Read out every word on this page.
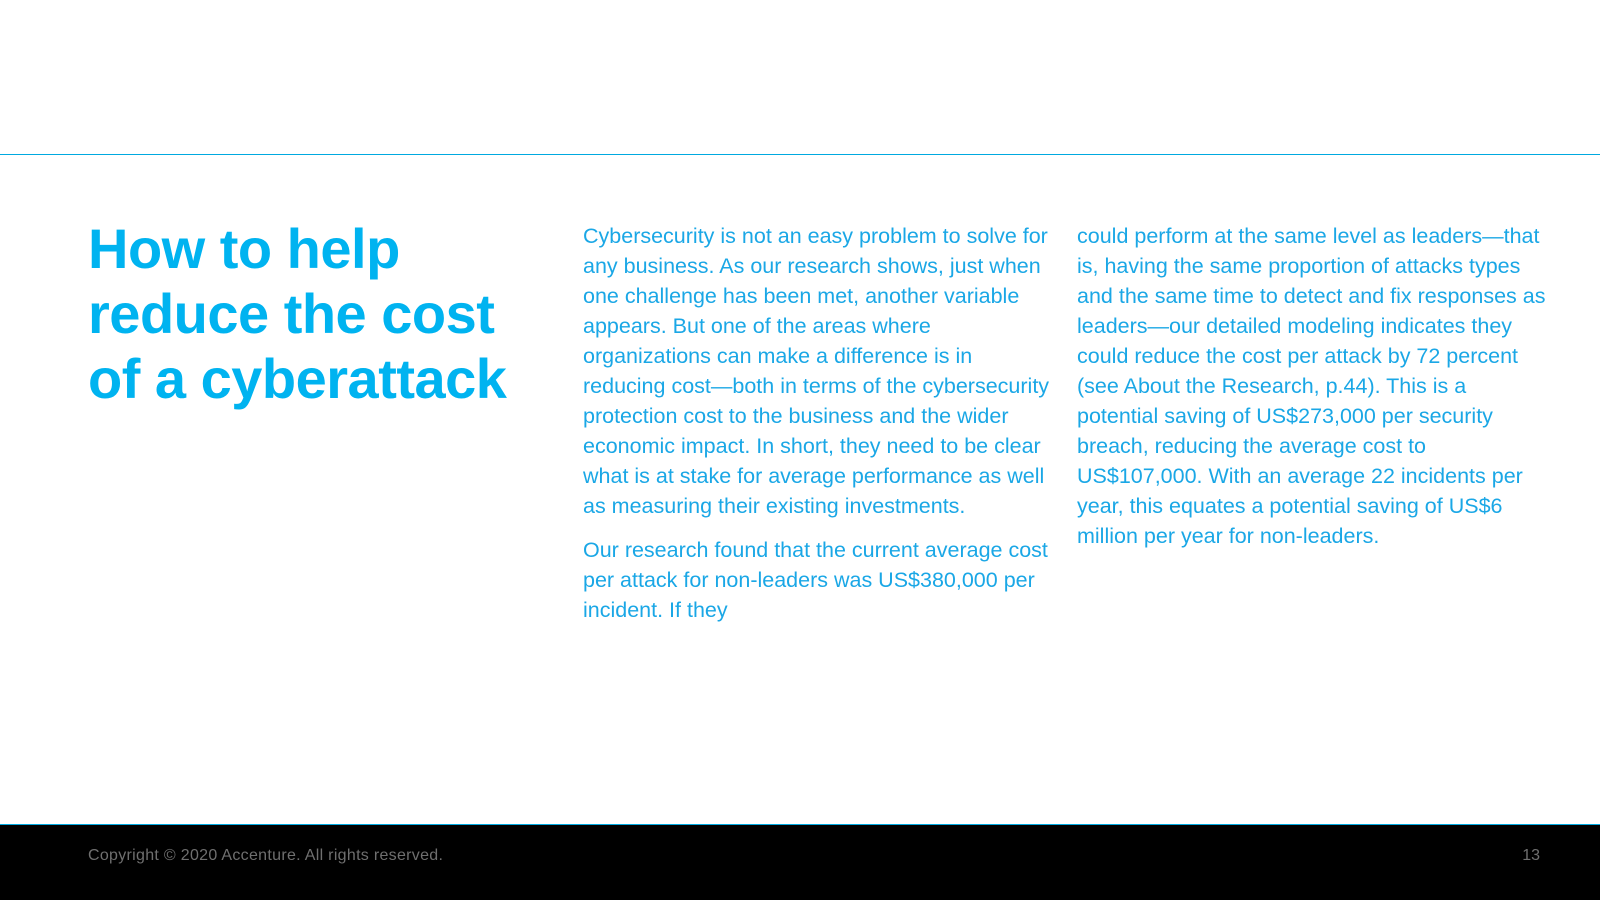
How to help reduce the cost of a cyberattack

Cybersecurity is not an easy problem to solve for any business. As our research shows, just when one challenge has been met, another variable appears. But one of the areas where organizations can make a difference is in reducing cost—both in terms of the cybersecurity protection cost to the business and the wider economic impact. In short, they need to be clear what is at stake for average performance as well as measuring their existing investments.

Our research found that the current average cost per attack for non-leaders was US$380,000 per incident. If they

could perform at the same level as leaders—that is, having the same proportion of attacks types and the same time to detect and fix responses as leaders—our detailed modeling indicates they could reduce the cost per attack by 72 percent (see About the Research, p.44). This is a potential saving of US$273,000 per security breach, reducing the average cost to US$107,000. With an average 22 incidents per year, this equates a potential saving of US$6 million per year for non-leaders.

Copyright © 2020 Accenture. All rights reserved.	13
